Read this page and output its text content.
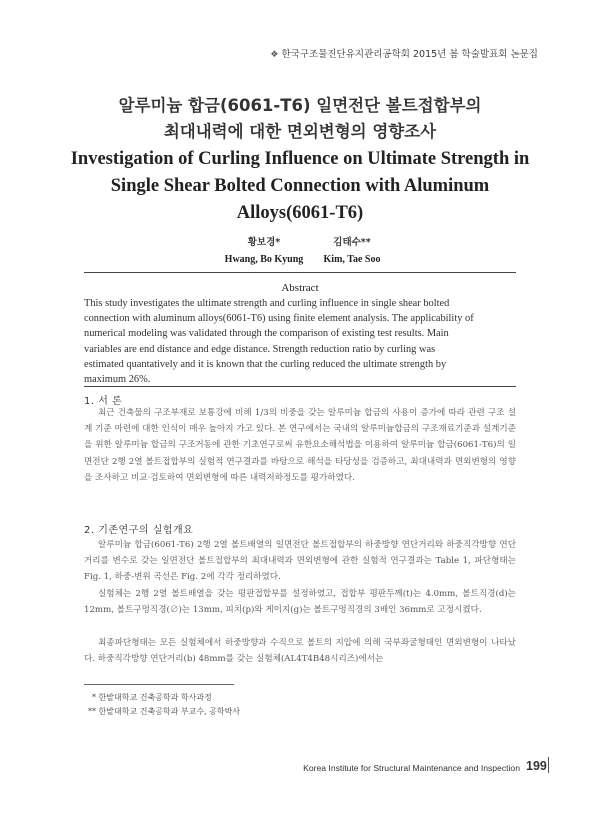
❖ 한국구조물진단유지관리공학회 2015년 봄 학술발표회 논문집
알루미늄 합금(6061-T6) 일면전단 볼트접합부의
최대내력에 대한 면외변형의 영향조사
Investigation of Curling Influence on Ultimate Strength in
Single Shear Bolted Connection with Aluminum
Alloys(6061-T6)
황보경*
Hwang, Bo Kyung
김태수**
Kim, Tae Soo
Abstract
This study investigates the ultimate strength and curling influence in single shear bolted
connection with aluminum alloys(6061-T6) using finite element analysis. The applicability of
numerical modeling was validated through the comparison of existing test results. Main
variables are end distance and edge distance. Strength reduction ratio by curling was
estimated quantatively and it is known that the curling reduced the ultimate strength by
maximum 26%.
1. 서 론
최근 건축물의 구조부재로 보통강에 비해 1/3의 비중을 갖는 알루미늄 합금의 사용이 증가에 따라 관련 구조 설계 기준 마련에 대한 인식이 매우 높아지 가고 있다. 본 연구에서는 국내의 알루미늄합금의 구조재료기준과 설계기준을 위한 알루미늄 합금의 구조거동에 관한 기초연구로써 유한요소해석법을 이용하여 알루미늄 합금(6061-T6)의 일면전단 2행 2열 볼트접합부의 실험적 연구결과를 바탕으로 해석을 타당성을 검증하고, 최대내력과 면외변형의 영향을 조사하고 비교·검토하여 면외변형에 따른 내력저하정도를 평가하였다.
2. 기존연구의 실험개요
알루미늄 합금(6061-T6) 2행 2열 볼트배열의 일면전단 볼트접합부의 하중방향 연단거리와 하중직각방향 연단거리를 변수로 갖는 일면전단 볼트접합부의 최대내력과 면외변형에 관한 실험적 연구결과는 Table 1, 파단형태는 Fig. 1, 하중-변위 곡선은 Fig. 2에 각각 정리하였다.
실험체는 2행 2열 볼트배열을 갖는 평판접합부를 설정하였고, 접합부 평판두께(t)는 4.0mm, 볼트직경(d)는 12mm, 볼트구멍직경(∅)는 13mm, 피치(p)와 게이지(g)는 볼트구멍직경의 3배인 36mm로 고정시켰다.
최종파단형태는 모든 실험체에서 하중방향과 수직으로 볼트의 지압에 의해 국부좌굴형태인 면외변형이 나타났다. 하중직각방향 연단거리(b) 48mm를 갖는 실험체(AL4T4B48시리즈)에서는
* 한밭대학교 건축공학과 학사과정
** 한밭대학교 건축공학과 부교수, 공학박사
Korea Institute for Structural Maintenance and Inspection 199
